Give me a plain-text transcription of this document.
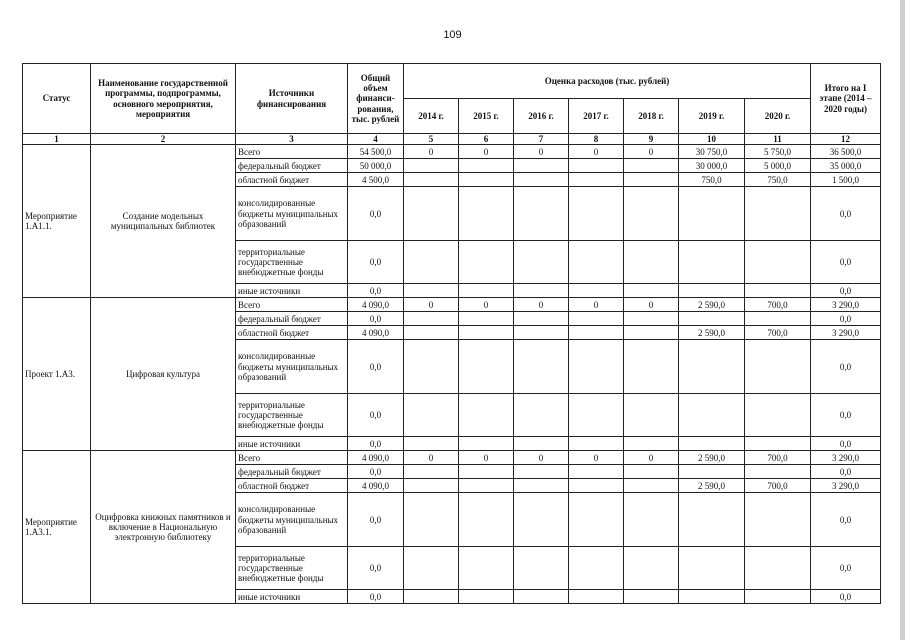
109
Статус	Наименование государственной программы, подпрограммы, основного мероприятия, мероприятия	Источники финансирования	Общий объем финанси-рования, тыс. рублей	Оценка расходов (тыс. рублей)							Итого на I этапе (2014 – 2020 годы)
				2014 г.	2015 г.	2016 г.	2017 г.	2018 г.	2019 г.	2020 г.	
1	2	3	4	5	6	7	8	9	10	11	12
Мероприятие 1.А1.1.	Создание модельных муниципальных библиотек	Всего	54 500,0	0	0	0	0	0	30 750,0	5 750,0	36 500,0
		федеральный бюджет	50 000,0						30 000,0	5 000,0	35 000,0
		областной бюджет	4 500,0						750,0	750,0	1 500,0
		консолидированные бюджеты муниципальных образований	0,0								0,0
		территориальные государственные внебюджетные фонды	0,0								0,0
		иные источники	0,0								0,0
Проект 1.А3.	Цифровая культура	Всего	4 090,0	0	0	0	0	0	2 590,0	700,0	3 290,0
		федеральный бюджет	0,0								0,0
		областной бюджет	4 090,0						2 590,0	700,0	3 290,0
		консолидированные бюджеты муниципальных образований	0,0								0,0
		территориальные государственные внебюджетные фонды	0,0								0,0
		иные источники	0,0								0,0
Мероприятие 1.А3.1.	Оцифровка книжных памятников и включение в Национальную электронную библиотеку	Всего	4 090,0	0	0	0	0	0	2 590,0	700,0	3 290,0
		федеральный бюджет	0,0								0,0
		областной бюджет	4 090,0						2 590,0	700,0	3 290,0
		консолидированные бюджеты муниципальных образований	0,0								0,0
		территориальные государственные внебюджетные фонды	0,0								0,0
		иные источники	0,0								0,0
